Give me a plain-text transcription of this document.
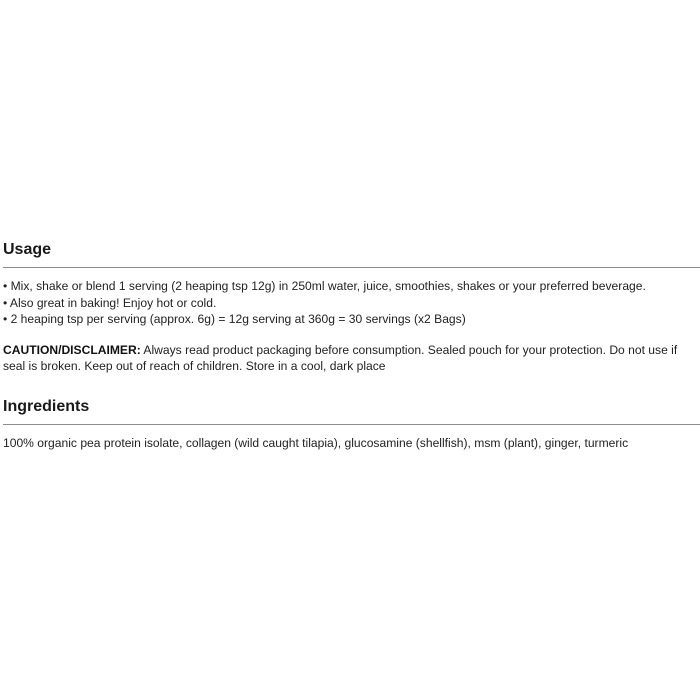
Usage

• Mix, shake or blend 1 serving (2 heaping tsp 12g) in 250ml water, juice, smoothies, shakes or your preferred beverage.

• Also great in baking! Enjoy hot or cold.

• 2 heaping tsp per serving (approx. 6g) = 12g serving at 360g = 30 servings (x2 Bags)

CAUTION/DISCLAIMER: Always read product packaging before consumption. Sealed pouch for your protection. Do not use if seal is broken. Keep out of reach of children. Store in a cool, dark place
Ingredients

100% organic pea protein isolate, collagen (wild caught tilapia), glucosamine (shellfish), msm (plant), ginger, turmeric
